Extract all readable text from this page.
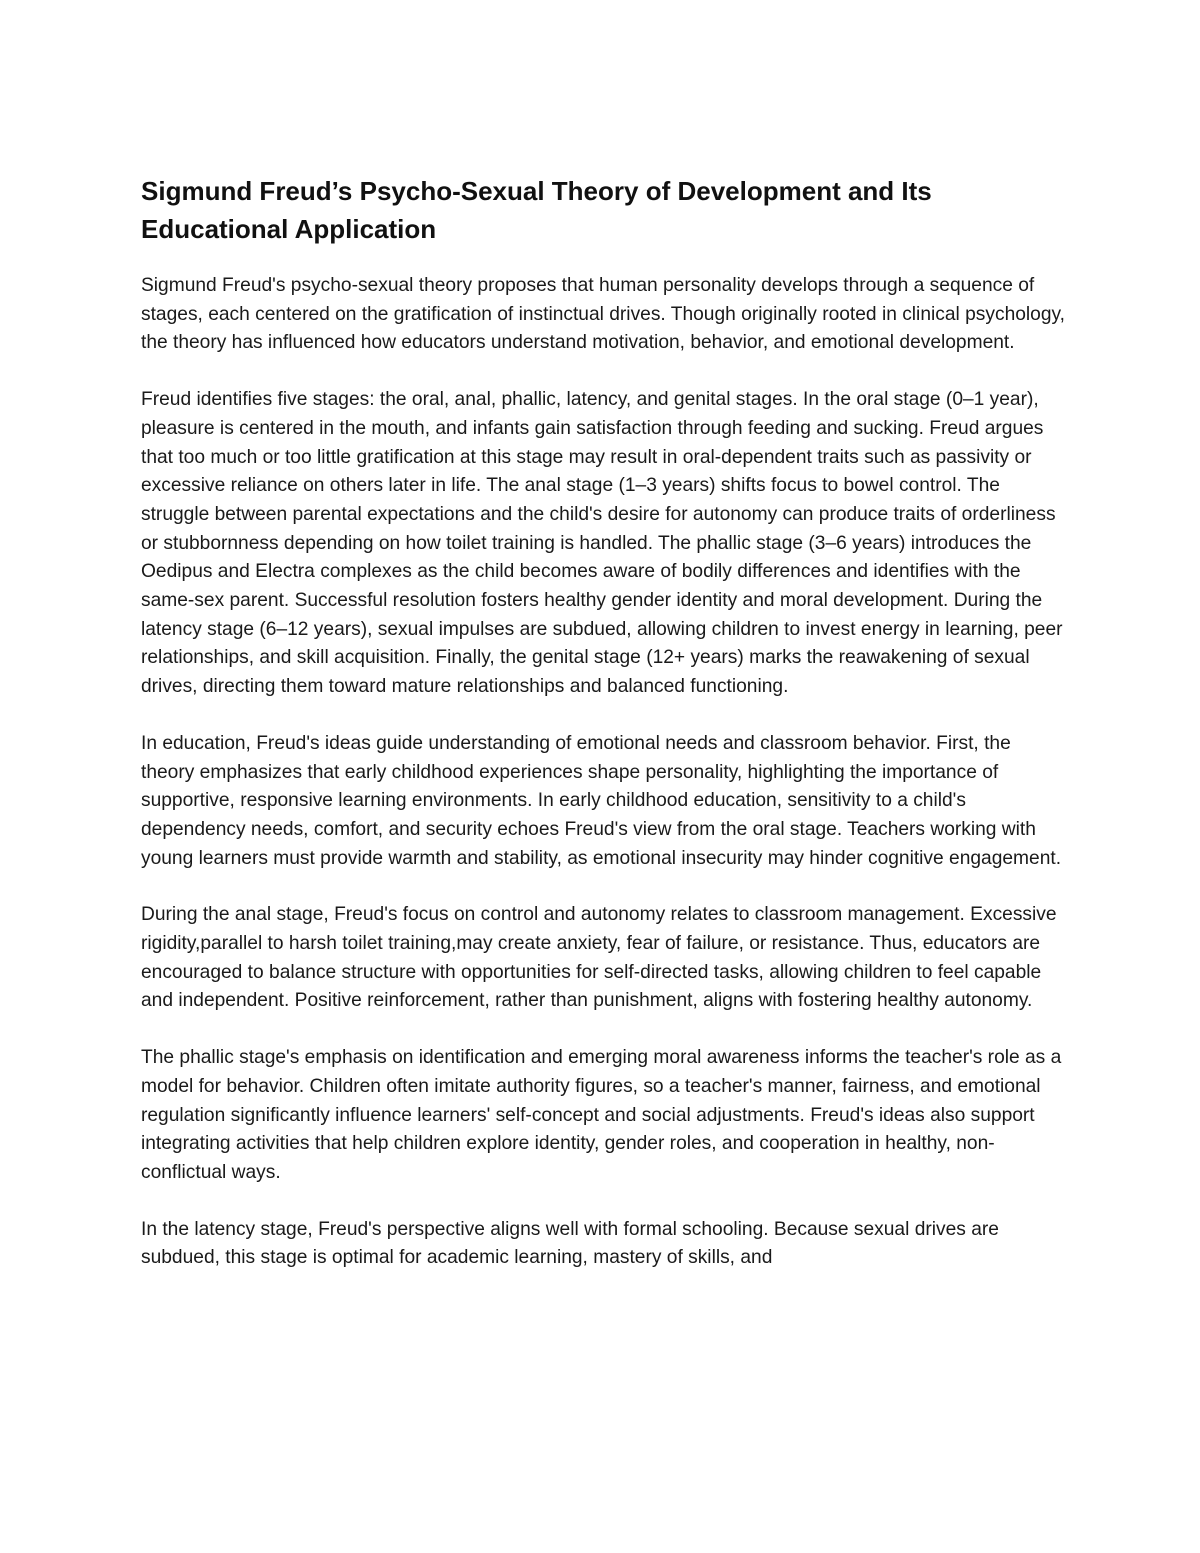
Sigmund Freud’s Psycho-Sexual Theory of Development and Its Educational Application

Sigmund Freud's psycho-sexual theory proposes that human personality develops through a sequence of stages, each centered on the gratification of instinctual drives. Though originally rooted in clinical psychology, the theory has influenced how educators understand motivation, behavior, and emotional development.

Freud identifies five stages: the oral, anal, phallic, latency, and genital stages. In the oral stage (0–1 year), pleasure is centered in the mouth, and infants gain satisfaction through feeding and sucking. Freud argues that too much or too little gratification at this stage may result in oral-dependent traits such as passivity or excessive reliance on others later in life. The anal stage (1–3 years) shifts focus to bowel control. The struggle between parental expectations and the child's desire for autonomy can produce traits of orderliness or stubbornness depending on how toilet training is handled. The phallic stage (3–6 years) introduces the Oedipus and Electra complexes as the child becomes aware of bodily differences and identifies with the same-sex parent. Successful resolution fosters healthy gender identity and moral development. During the latency stage (6–12 years), sexual impulses are subdued, allowing children to invest energy in learning, peer relationships, and skill acquisition. Finally, the genital stage (12+ years) marks the reawakening of sexual drives, directing them toward mature relationships and balanced functioning.

In education, Freud's ideas guide understanding of emotional needs and classroom behavior. First, the theory emphasizes that early childhood experiences shape personality, highlighting the importance of supportive, responsive learning environments. In early childhood education, sensitivity to a child's dependency needs, comfort, and security echoes Freud's view from the oral stage. Teachers working with young learners must provide warmth and stability, as emotional insecurity may hinder cognitive engagement.

During the anal stage, Freud's focus on control and autonomy relates to classroom management. Excessive rigidity,parallel to harsh toilet training,may create anxiety, fear of failure, or resistance. Thus, educators are encouraged to balance structure with opportunities for self-directed tasks, allowing children to feel capable and independent. Positive reinforcement, rather than punishment, aligns with fostering healthy autonomy.

The phallic stage's emphasis on identification and emerging moral awareness informs the teacher's role as a model for behavior. Children often imitate authority figures, so a teacher's manner, fairness, and emotional regulation significantly influence learners' self-concept and social adjustments. Freud's ideas also support integrating activities that help children explore identity, gender roles, and cooperation in healthy, non-conflictual ways.

In the latency stage, Freud's perspective aligns well with formal schooling. Because sexual drives are subdued, this stage is optimal for academic learning, mastery of skills, and
